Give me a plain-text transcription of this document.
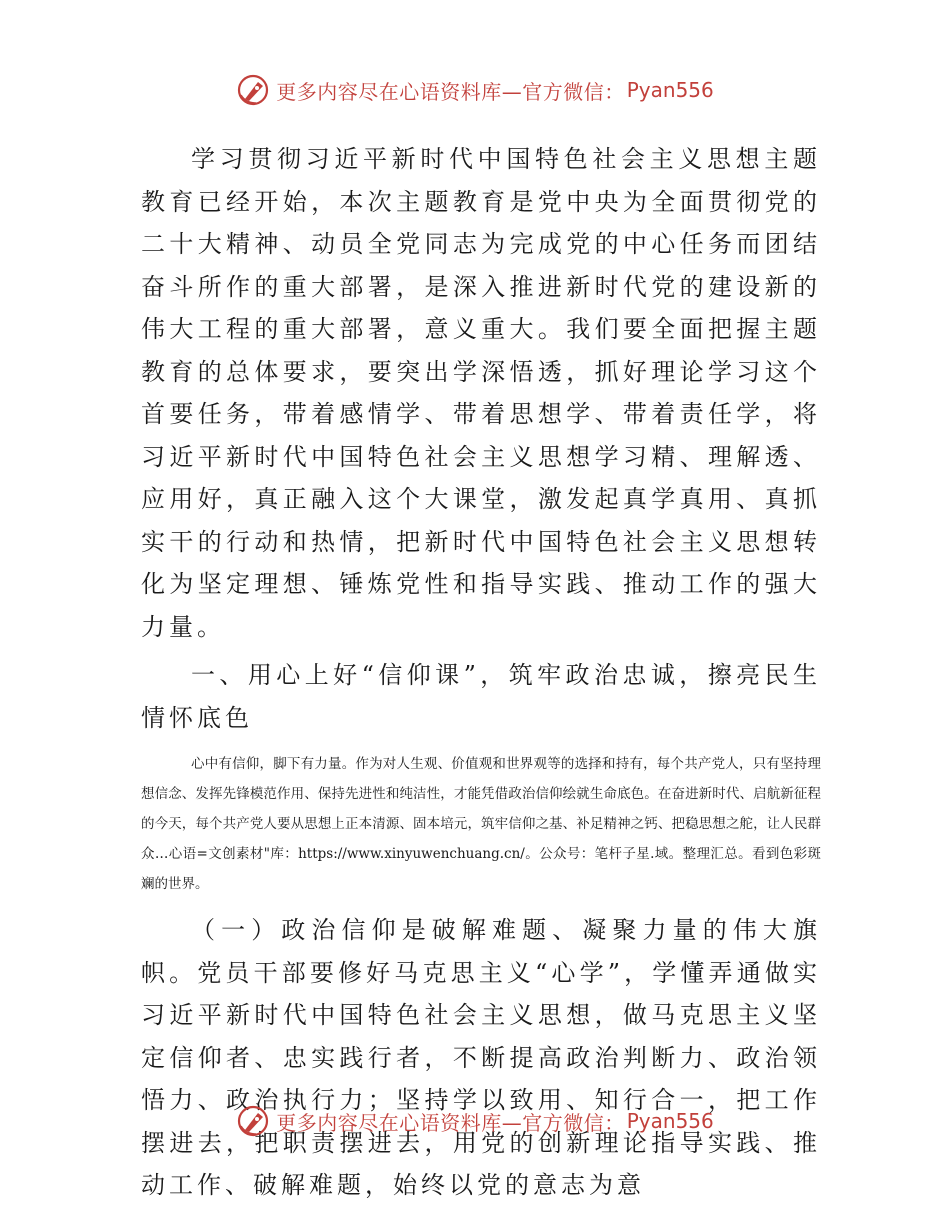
更多内容尽在心语资料库—官方微信： Pyan556

学习贯彻习近平新时代中国特色社会主义思想主题教育已经开始，本次主题教育是党中央为全面贯彻党的二十大精神、动员全党同志为完成党的中心任务而团结奋斗所作的重大部署，是深入推进新时代党的建设新的伟大工程的重大部署，意义重大。我们要全面把握主题教育的总体要求，要突出学深悟透，抓好理论学习这个首要任务，带着感情学、带着思想学、带着责任学，将习近平新时代中国特色社会主义思想学习精、理解透、应用好，真正融入这个大课堂，激发起真学真用、真抓实干的行动和热情，把新时代中国特色社会主义思想转化为坚定理想、锤炼党性和指导实践、推动工作的强大力量。

一、用心上好“信仰课”，筑牢政治忠诚，擦亮民生情怀底色

心中有信仰，脚下有力量。作为对人生观、价值观和世界观等的选择和持有，每个共产党人，只有坚持理想信念、发挥先锋模范作用、保持先进性和纯洁性，才能凭借政治信仰绘就生命底色。在奋进新时代、启航新征程的今天，每个共产党人要从思想上正本清源、固本培元，筑牢信仰之基、补足精神之钙、把稳思想之舵，让人民群众…心语=文创素材"库：https://www.xinyuwenchuang.cn/。公众号：笔杆子星.域。整理汇总。看到色彩斑斓的世界。

（一）政治信仰是破解难题、凝聚力量的伟大旗帜。党员干部要修好马克思主义“心学”，学懂弄通做实习近平新时代中国特色社会主义思想，做马克思主义坚定信仰者、忠实践行者，不断提高政治判断力、政治领悟力、政治执行力；坚持学以致用、知行合一，把工作摆进去，把职责摆进去，用党的创新理论指导实践、推动工作、破解难题，始终以党的意志为意

更多内容尽在心语资料库—官方微信： Pyan556
